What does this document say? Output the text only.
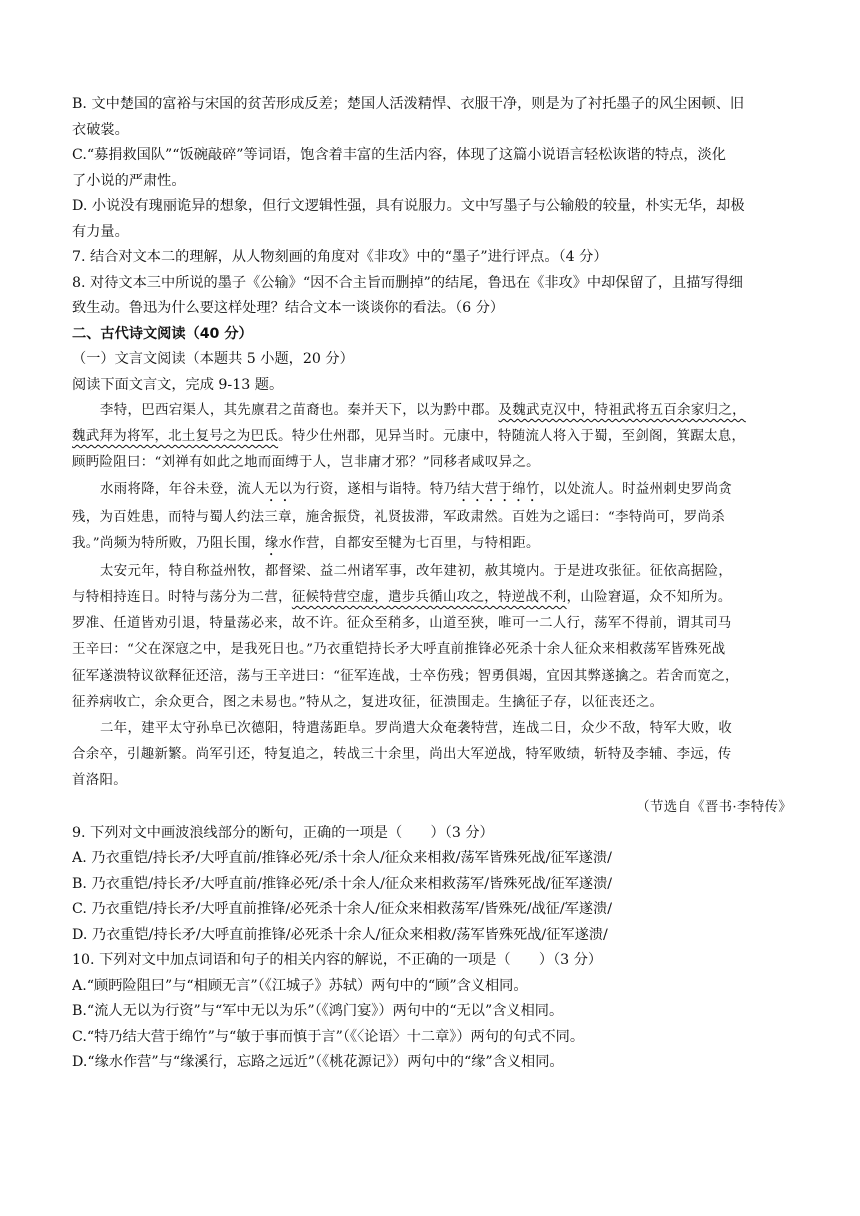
B. 文中楚国的富裕与宋国的贫苦形成反差；楚国人活泼精悍、衣服干净，则是为了衬托墨子的风尘困顿、旧
衣破裳。
C.“募捐救国队”“饭碗敲碎”等词语，饱含着丰富的生活内容，体现了这篇小说语言轻松诙谐的特点，淡化
了小说的严肃性。
D. 小说没有瑰丽诡异的想象，但行文逻辑性强，具有说服力。文中写墨子与公输般的较量，朴实无华，却极
有力量。
7. 结合对文本二的理解，从人物刻画的角度对《非攻》中的“墨子”进行评点。（4 分）
8. 对待文本三中所说的墨子《公输》“因不合主旨而删掉”的结尾，鲁迅在《非攻》中却保留了，且描写得细
致生动。鲁迅为什么要这样处理？结合文本一谈谈你的看法。（6 分）
二、古代诗文阅读（40 分）
（一）文言文阅读（本题共 5 小题，20 分）
阅读下面文言文，完成 9-13 题。
李特，巴西宕渠人，其先廪君之苗裔也。秦并天下，以为黔中郡。及魏武克汉中，特祖武将五百余家归之，
魏武拜为将军，北土复号之为巴氐。特少仕州郡，见异当时。元康中，特随流人将入于蜀，至剑阁，箕踞太息，
顾眄险阻曰：“刘禅有如此之地而面缚于人，岂非庸才邪？”同移者咸叹异之。
水雨将降，年谷未登，流人无以为行资，遂相与诣特。特乃结大营于绵竹，以处流人。时益州刺史罗尚贪
残，为百姓患，而特与蜀人约法三章，施舍振贷，礼贤拔滞，军政肃然。百姓为之谣曰：“李特尚可，罗尚杀
我。”尚频为特所败，乃阻长围，缘水作营，自都安至犍为七百里，与特相距。
太安元年，特自称益州牧，都督梁、益二州诸军事，改年建初，赦其境内。于是进攻张征。征依高据险，
与特相持连日。时特与荡分为二营，征候特营空虚，遣步兵循山攻之，特逆战不利，山险窘逼，众不知所为。
罗准、任道皆劝引退，特量荡必来，故不许。征众至稍多，山道至狭，唯可一二人行，荡军不得前，谓其司马
王辛曰：“父在深寇之中，是我死日也。”乃衣重铠持长矛大呼直前推锋必死杀十余人征众来相救荡军皆殊死战
征军遂溃特议欲释征还涪，荡与王辛进曰：“征军连战，士卒伤残；智勇俱竭，宜因其弊遂擒之。若舍而宽之，
征养病收亡，余众更合，图之未易也。”特从之，复进攻征，征溃围走。生擒征子存，以征丧还之。
二年，建平太守孙阜已次德阳，特遣荡距阜。罗尚遣大众奄袭特营，连战二日，众少不敌，特军大败，收
合余卒，引趣新繁。尚军引还，特复追之，转战三十余里，尚出大军逆战，特军败绩，斩特及李辅、李远，传
首洛阳。
（节选自《晋书·李特传》
9. 下列对文中画波浪线部分的断句，正确的一项是（　　）（3 分）
A. 乃衣重铠/持长矛/大呼直前/推锋必死/杀十余人/征众来相救/荡军皆殊死战/征军遂溃/
B. 乃衣重铠/持长矛/大呼直前/推锋必死/杀十余人/征众来相救荡军/皆殊死战/征军遂溃/
C. 乃衣重铠/持长矛/大呼直前推锋/必死杀十余人/征众来相救荡军/皆殊死/战征/军遂溃/
D. 乃衣重铠/持长矛/大呼直前推锋/必死杀十余人/征众来相救/荡军皆殊死战/征军遂溃/
10. 下列对文中加点词语和句子的相关内容的解说，不正确的一项是（　　）（3 分）
A.“顾眄险阻曰”与“相顾无言”（《江城子》苏轼）两句中的“顾”含义相同。
B.“流人无以为行资”与“军中无以为乐”（《鸿门宴》）两句中的“无以”含义相同。
C.“特乃结大营于绵竹”与“敏于事而慎于言”（《〈论语〉十二章》）两句的句式不同。
D.“缘水作营”与“缘溪行，忘路之远近”（《桃花源记》）两句中的“缘”含义相同。
